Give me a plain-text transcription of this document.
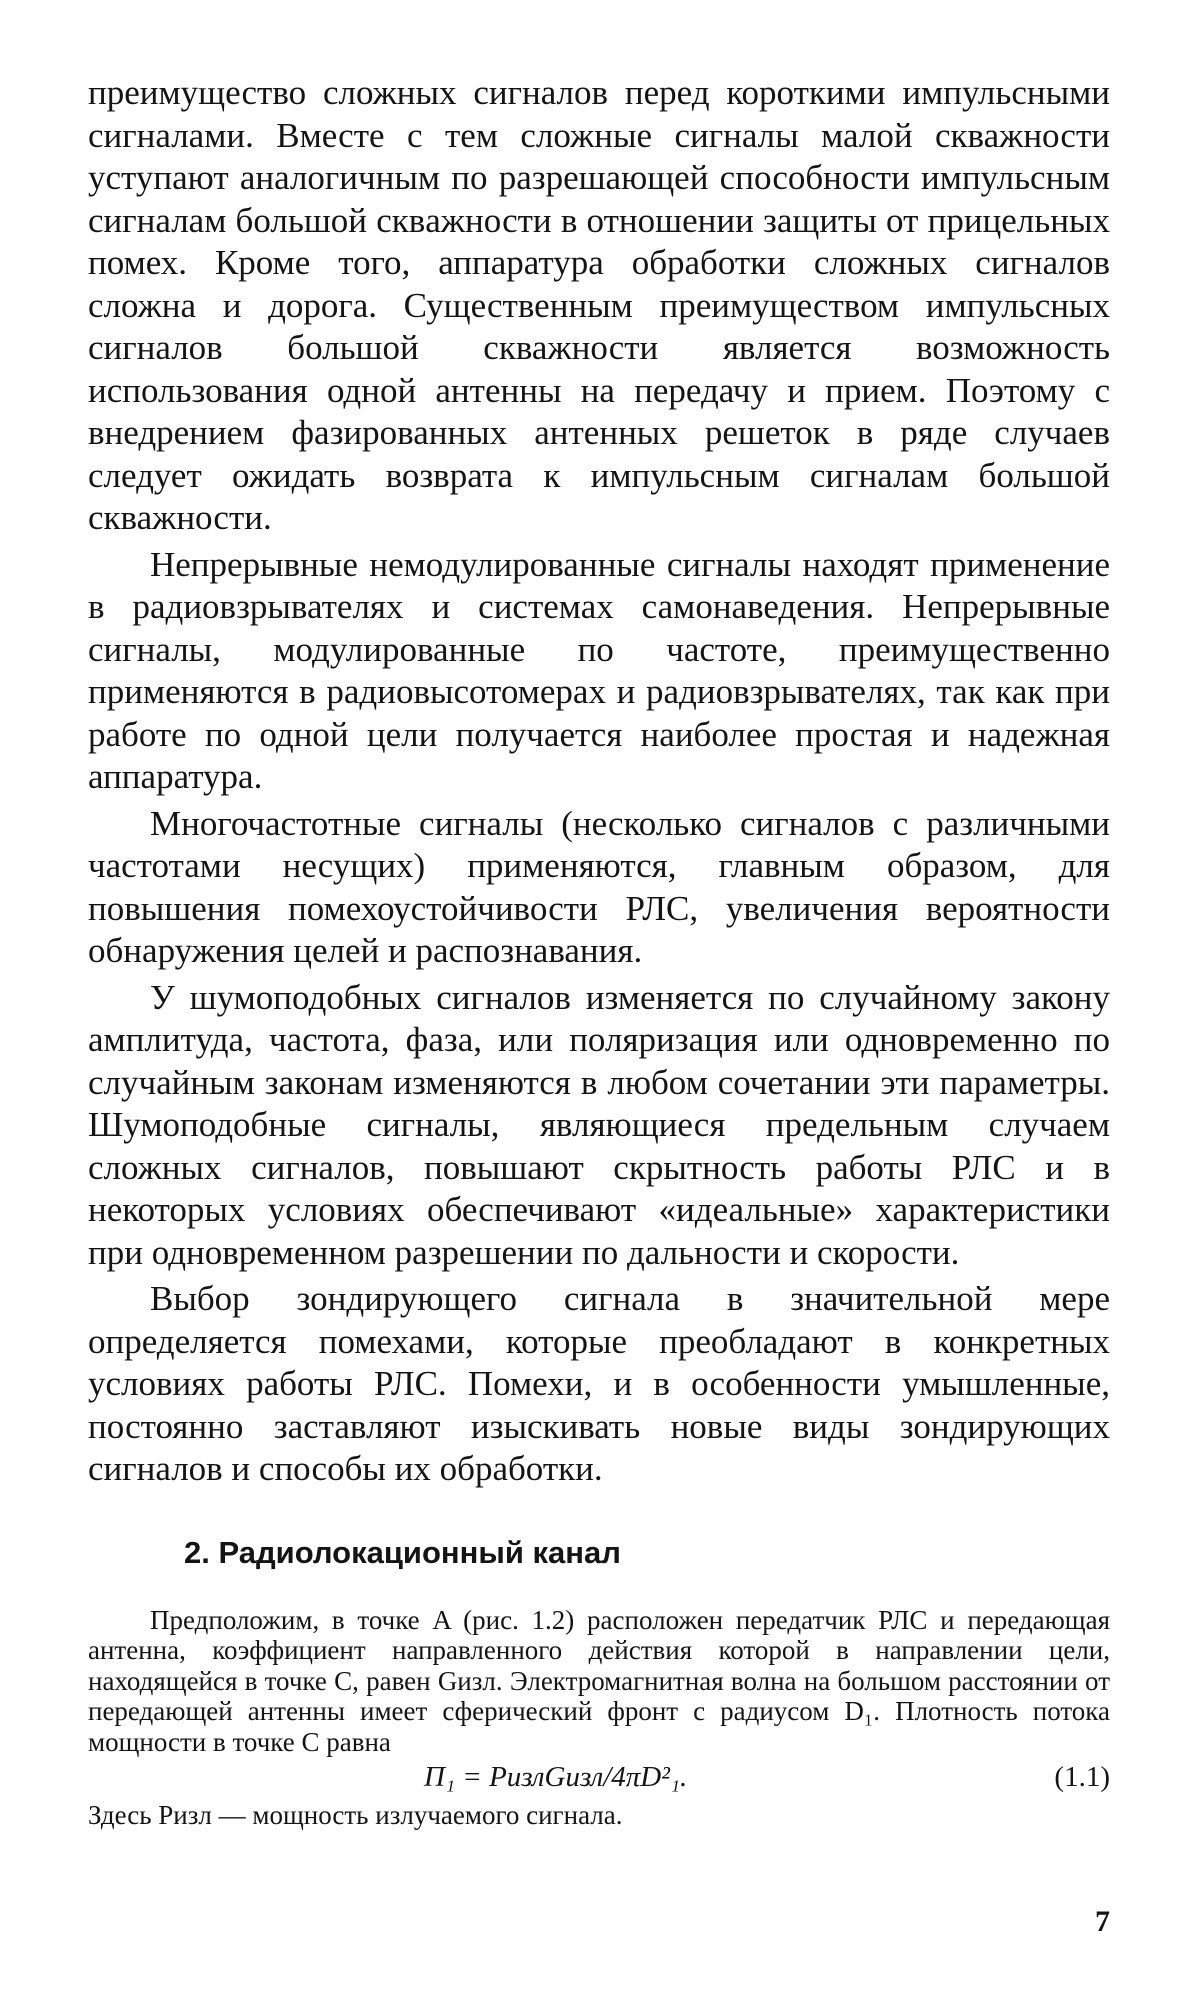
преимущество сложных сигналов перед короткими импульсными сигналами. Вместе с тем сложные сигналы малой скважности уступают аналогичным по разрешающей способности импульсным сигналам большой сквaжности в отношении защиты от прицельных помех. Кроме того, аппаратура обработки сложных сигналов сложна и дорога. Существенным преимуществом импульсных сигналов большой скважности является возможность использования одной антенны на передачу и прием. Поэтому с внедрением фазированных антенных решеток в ряде случаев следует ожидать возврата к импульсным сигналам большой скважности.

Непрерывные немодулированные сигналы находят применение в радиовзрывателях и системах самонаведения. Непрерывные сигналы, модулированные по частоте, преимущественно применяются в радиовысотомерах и радиовзрывателях, так как при работе по одной цели получается наиболее простая и надежная аппаратура.

Многочастотные сигналы (несколько сигналов с различными частотами несущих) применяются, главным образом, для повышения помехоустойчивости РЛС, увеличения вероятности обнаружения целей и распознавания.

У шумоподобных сигналов изменяется по случайному закону амплитуда, частота, фаза, или поляризация или одновременно по случайным законам изменяются в любом сочетании эти параметры. Шумоподобные сигналы, являющиеся предельным случаем сложных сигналов, повышают скрытность работы РЛС и в некоторых условиях обеспечивают «идеальные» характеристики при одновременном разрешении по дальности и скорости.

Выбор зондирующего сигнала в значительной мере определяется помехами, которые преобладают в конкретных условиях работы РЛС. Помехи, и в особенности умышленные, постоянно заставляют изыскивать новые виды зондирующих сигналов и способы их обработки.

2. Радиолокационный канал

Предположим, в точке A (рис. 1.2) расположен передатчик РЛС и передающая антенна, коэффициент направленного действия которой в направлении цели, находящейся в точке C, равен Gизл. Электромагнитная волна на большом расстоянии от передающей антенны имеет сферический фронт с радиусом D₁. Плотность потока мощности в точке C равна

Π₁ = PизлGизл/4πD²₁.	(1.1)

Здесь Pизл — мощность излучаемого сигнала.

7
